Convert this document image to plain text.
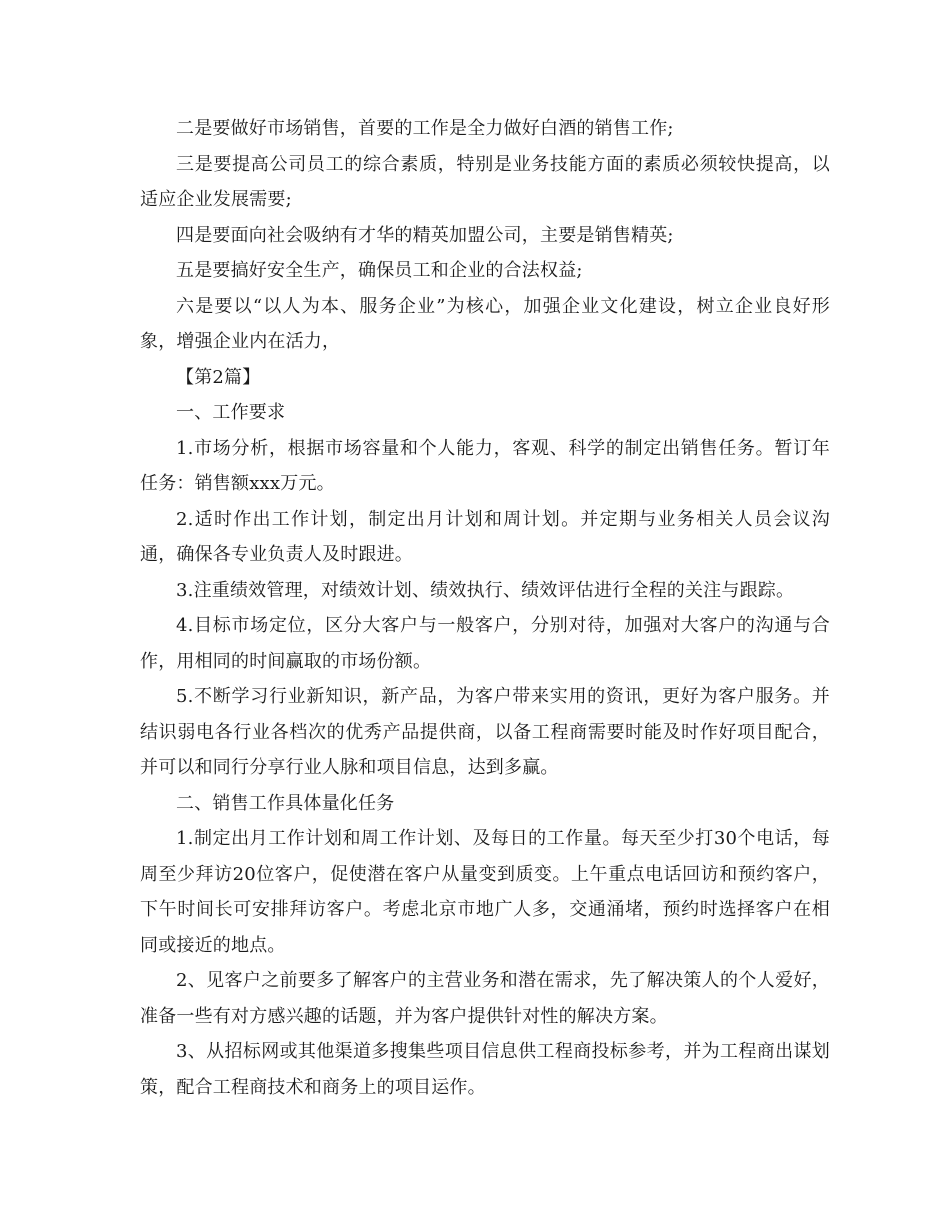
二是要做好市场销售，首要的工作是全力做好白酒的销售工作;

三是要提高公司员工的综合素质，特别是业务技能方面的素质必须较快提高，以适应企业发展需要;

四是要面向社会吸纳有才华的精英加盟公司，主要是销售精英;

五是要搞好安全生产，确保员工和企业的合法权益;

六是要以“以人为本、服务企业”为核心，加强企业文化建设，树立企业良好形象，增强企业内在活力，

【第2篇】

一、工作要求

1.市场分析，根据市场容量和个人能力，客观、科学的制定出销售任务。暂订年任务：销售额xxx万元。

2.适时作出工作计划，制定出月计划和周计划。并定期与业务相关人员会议沟通，确保各专业负责人及时跟进。

3.注重绩效管理，对绩效计划、绩效执行、绩效评估进行全程的关注与跟踪。

4.目标市场定位，区分大客户与一般客户，分别对待，加强对大客户的沟通与合作，用相同的时间赢取的市场份额。

5.不断学习行业新知识，新产品，为客户带来实用的资讯，更好为客户服务。并结识弱电各行业各档次的优秀产品提供商，以备工程商需要时能及时作好项目配合，并可以和同行分享行业人脉和项目信息，达到多赢。

二、销售工作具体量化任务

1.制定出月工作计划和周工作计划、及每日的工作量。每天至少打30个电话，每周至少拜访20位客户，促使潜在客户从量变到质变。上午重点电话回访和预约客户，下午时间长可安排拜访客户。考虑北京市地广人多，交通涌堵，预约时选择客户在相同或接近的地点。

2、见客户之前要多了解客户的主营业务和潜在需求，先了解决策人的个人爱好，准备一些有对方感兴趣的话题，并为客户提供针对性的解决方案。

3、从招标网或其他渠道多搜集些项目信息供工程商投标参考，并为工程商出谋划策，配合工程商技术和商务上的项目运作。
